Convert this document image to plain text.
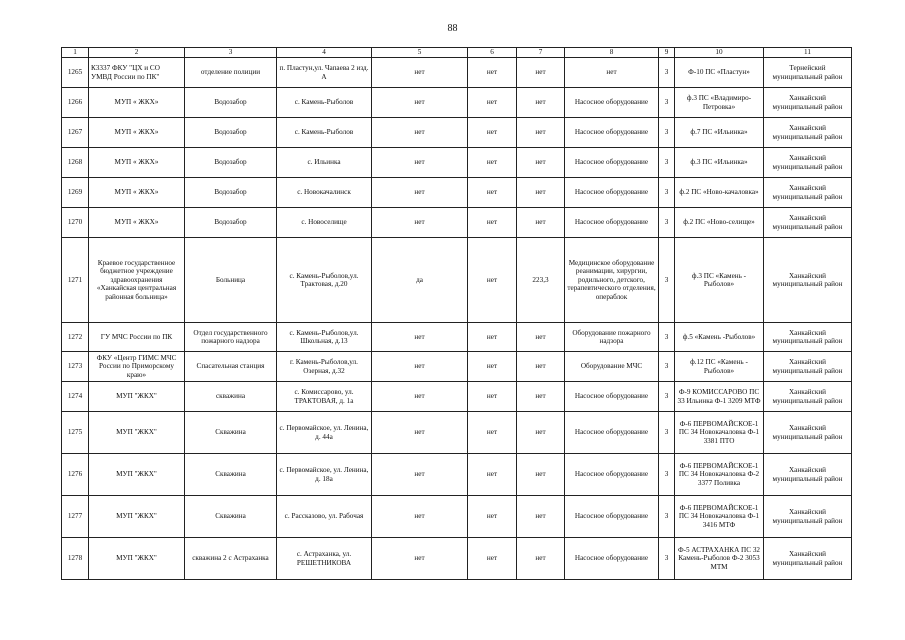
88
1	2	3	4	5	6	7	8	9	10	11
1265	К3337 ФКУ "ЦХ и СО УМВД России по ПК"	отделение полиции	п. Пластун,ул. Чапаева 2 изд. А	нет	нет	нет	нет	3	Ф-10 ПС «Пластун»	Тернейский муниципальный район
1266	МУП « ЖКХ»	Водозабор	с. Камень-Рыболов	нет	нет	нет	Насосное оборудование	3	ф.3 ПС «Владимиро-Петровка»	Ханкайский муниципальный район
1267	МУП « ЖКХ»	Водозабор	с. Камень-Рыболов	нет	нет	нет	Насосное оборудование	3	ф.7 ПС «Ильинка»	Ханкайский муниципальный район
1268	МУП « ЖКХ»	Водозабор	с. Ильинка	нет	нет	нет	Насосное оборудование	3	ф.3 ПС «Ильинка»	Ханкайский муниципальный район
1269	МУП « ЖКХ»	Водозабор	с. Новокачалинск	нет	нет	нет	Насосное оборудование	3	ф.2 ПС «Ново-качаловка»	Ханкайский муниципальный район
1270	МУП « ЖКХ»	Водозабор	с. Новоселище	нет	нет	нет	Насосное оборудование	3	ф.2 ПС «Ново-селище»	Ханкайский муниципальный район
1271	Краевое государственное бюджетное учреждение здравоохранения «Ханкайская центральная районная больница»	Больница	с. Камень-Рыболов,ул. Трактовая, д.20	да	нет	223,3	Медицинское оборудование реанимации, хирургии, родильного, детского, терапевтического отделения, операблок	3	ф.3 ПС «Камень - Рыболов»	Ханкайский муниципальный район
1272	ГУ МЧС России по ПК	Отдел государственного пожарного надзора	с. Камень-Рыболов,ул. Школьная, д.13	нет	нет	нет	Оборудование пожарного надзора	3	ф.5 «Камень -Рыболов»	Ханкайский муниципальный район
1273	ФКУ «Центр ГИМС МЧС России по Приморскому краю»	Спасательная станция	г. Камень-Рыболов,ул. Озерная, д.32	нет	нет	нет	Оборудование МЧС	3	ф.12 ПС «Камень - Рыболов»	Ханкайский муниципальный район
1274	МУП "ЖКХ"	скважина	с. Комиссарово, ул. ТРАКТОВАЯ, д. 1а	нет	нет	нет	Насосное оборудование	3	Ф-9 КОМИССАРОВО ПС 33 Ильинка Ф-1 3209 МТФ	Ханкайский муниципальный район
1275	МУП "ЖКХ"	Скважина	с. Первомайское, ул. Ленина, д. 44а	нет	нет	нет	Насосное оборудование	3	Ф-6 ПЕРВОМАЙСКОЕ-1 ПС 34 Новокачаловка Ф-1 3381 ПТО	Ханкайский муниципальный район
1276	МУП "ЖКХ"	Скважина	с. Первомайское, ул. Ленина, д. 18а	нет	нет	нет	Насосное оборудование	3	Ф-6 ПЕРВОМАЙСКОЕ-1 ПС 34 Новокачаловка Ф-2 3377 Поливка	Ханкайский муниципальный район
1277	МУП "ЖКХ"	Скважина	с. Рассказово, ул. Рабочая	нет	нет	нет	Насосное оборудование	3	Ф-6 ПЕРВОМАЙСКОЕ-1 ПС 34 Новокачаловка Ф-1 3416 МТФ	Ханкайский муниципальный район
1278	МУП "ЖКХ"	скважина 2 с Астраханка	с. Астраханка, ул. РЕШЕТНИКОВА	нет	нет	нет	Насосное оборудование	3	Ф-5 АСТРАХАНКА ПС 32 Камень-Рыболов Ф-2 3053 МТМ	Ханкайский муниципальный район
